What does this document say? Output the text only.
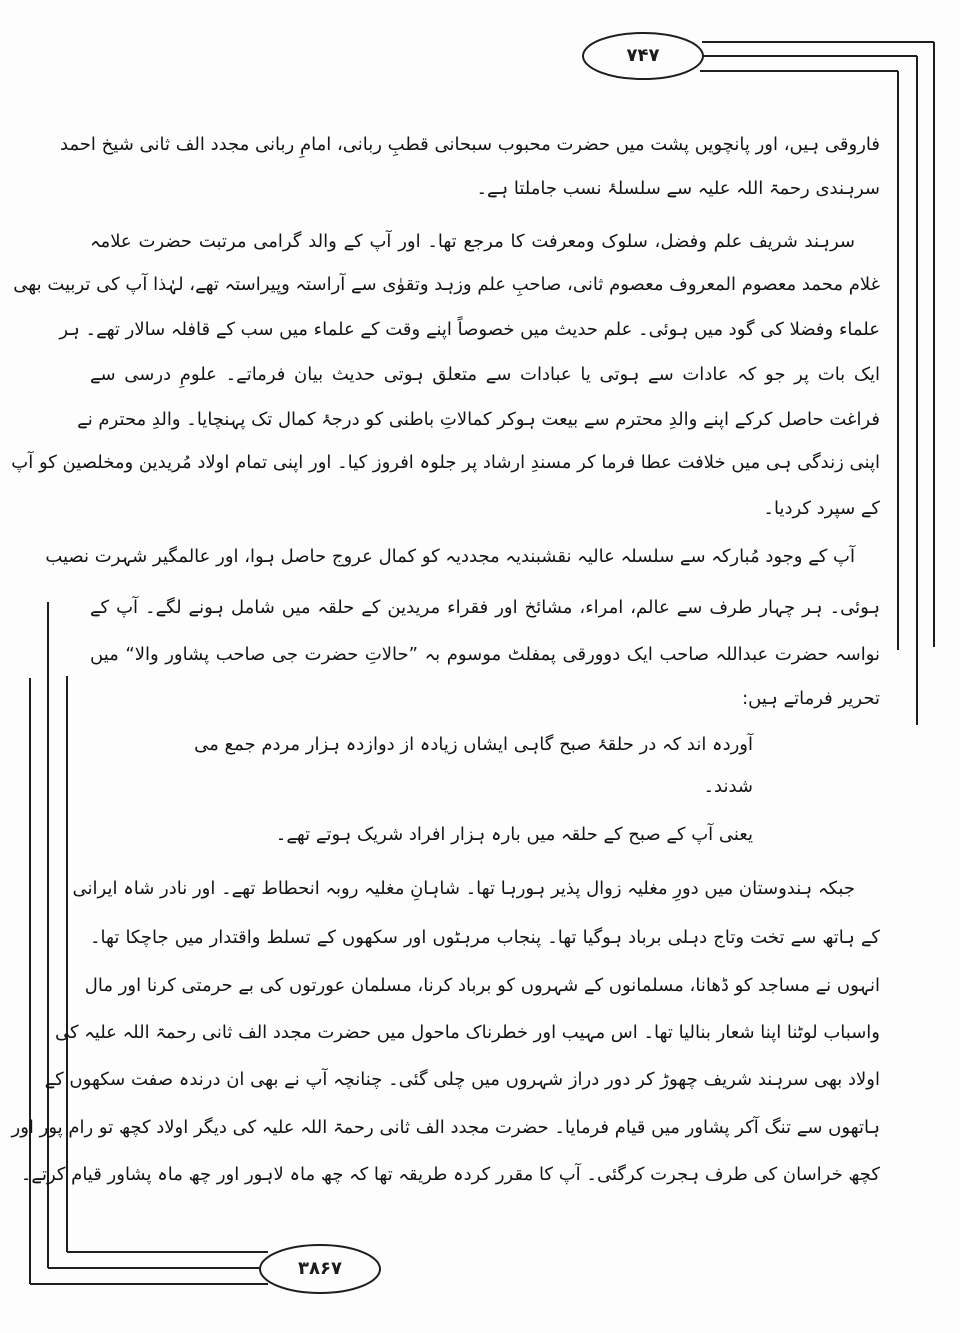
۷۴۷
۳۸۶۷
فاروقی ہیں، اور پانچویں پشت میں حضرت محبوب سبحانی قطبِ ربانی، امامِ ربانی مجدد الف ثانی شیخ احمد
سرہندی رحمۃ اللہ علیہ سے سلسلۂ نسب جاملتا ہے۔
سرہند شریف علم وفضل، سلوک ومعرفت کا مرجع تھا۔ اور آپ کے والد گرامی مرتبت حضرت علامہ
غلام محمد معصوم المعروف معصوم ثانی، صاحبِ علم وزہد وتقوٰی سے آراستہ وپیراستہ تھے، لہٰذا آپ کی تربیت بھی
علماء وفضلا کی گود میں ہوئی۔ علم حدیث میں خصوصاً اپنے وقت کے علماء میں سب کے قافلہ سالار تھے۔ ہر
ایک بات پر جو کہ عادات سے ہوتی یا عبادات سے متعلق ہوتی حدیث بیان فرماتے۔ علومِ درسی سے
فراغت حاصل کرکے اپنے والدِ محترم سے بیعت ہوکر کمالاتِ باطنی کو درجۂ کمال تک پہنچایا۔ والدِ محترم نے
اپنی زندگی ہی میں خلافت عطا فرما کر مسندِ ارشاد پر جلوہ افروز کیا۔ اور اپنی تمام اولاد مُریدین ومخلصین کو آپ
کے سپرد کردیا۔
آپ کے وجود مُبارکہ سے سلسلہ عالیہ نقشبندیہ مجددیہ کو کمال عروج حاصل ہوا، اور عالمگیر شہرت نصیب
ہوئی۔ ہر چہار طرف سے عالم، امراء، مشائخ اور فقراء مریدین کے حلقہ میں شامل ہونے لگے۔ آپ کے
نواسہ حضرت عبداللہ صاحب ایک دوورقی پمفلٹ موسوم بہ ”حالاتِ حضرت جی صاحب پشاور والا“ میں
تحریر فرماتے ہیں:
آوردہ اند کہ در حلقۂ صبح گاہی ایشاں زیادہ از دوازدہ ہزار مردم جمع می
شدند۔
یعنی آپ کے صبح کے حلقہ میں بارہ ہزار افراد شریک ہوتے تھے۔
جبکہ ہندوستان میں دورِ مغلیہ زوال پذیر ہورہا تھا۔ شاہانِ مغلیہ روبہ انحطاط تھے۔ اور نادر شاہ ایرانی
کے ہاتھ سے تخت وتاج دہلی برباد ہوگیا تھا۔ پنجاب مرہٹوں اور سکھوں کے تسلط واقتدار میں جاچکا تھا۔
انہوں نے مساجد کو ڈھانا، مسلمانوں کے شہروں کو برباد کرنا، مسلمان عورتوں کی بے حرمتی کرنا اور مال
واسباب لوٹنا اپنا شعار بنالیا تھا۔ اس مہیب اور خطرناک ماحول میں حضرت مجدد الف ثانی رحمۃ اللہ علیہ کی
اولاد بھی سرہند شریف چھوڑ کر دور دراز شہروں میں چلی گئی۔ چنانچہ آپ نے بھی ان درندہ صفت سکھوں کے
ہاتھوں سے تنگ آکر پشاور میں قیام فرمایا۔ حضرت مجدد الف ثانی رحمۃ اللہ علیہ کی دیگر اولاد کچھ تو رام پور اور
کچھ خراسان کی طرف ہجرت کرگئی۔ آپ کا مقرر کردہ طریقہ تھا کہ چھ ماہ لاہور اور چھ ماہ پشاور قیام کرتے۔
